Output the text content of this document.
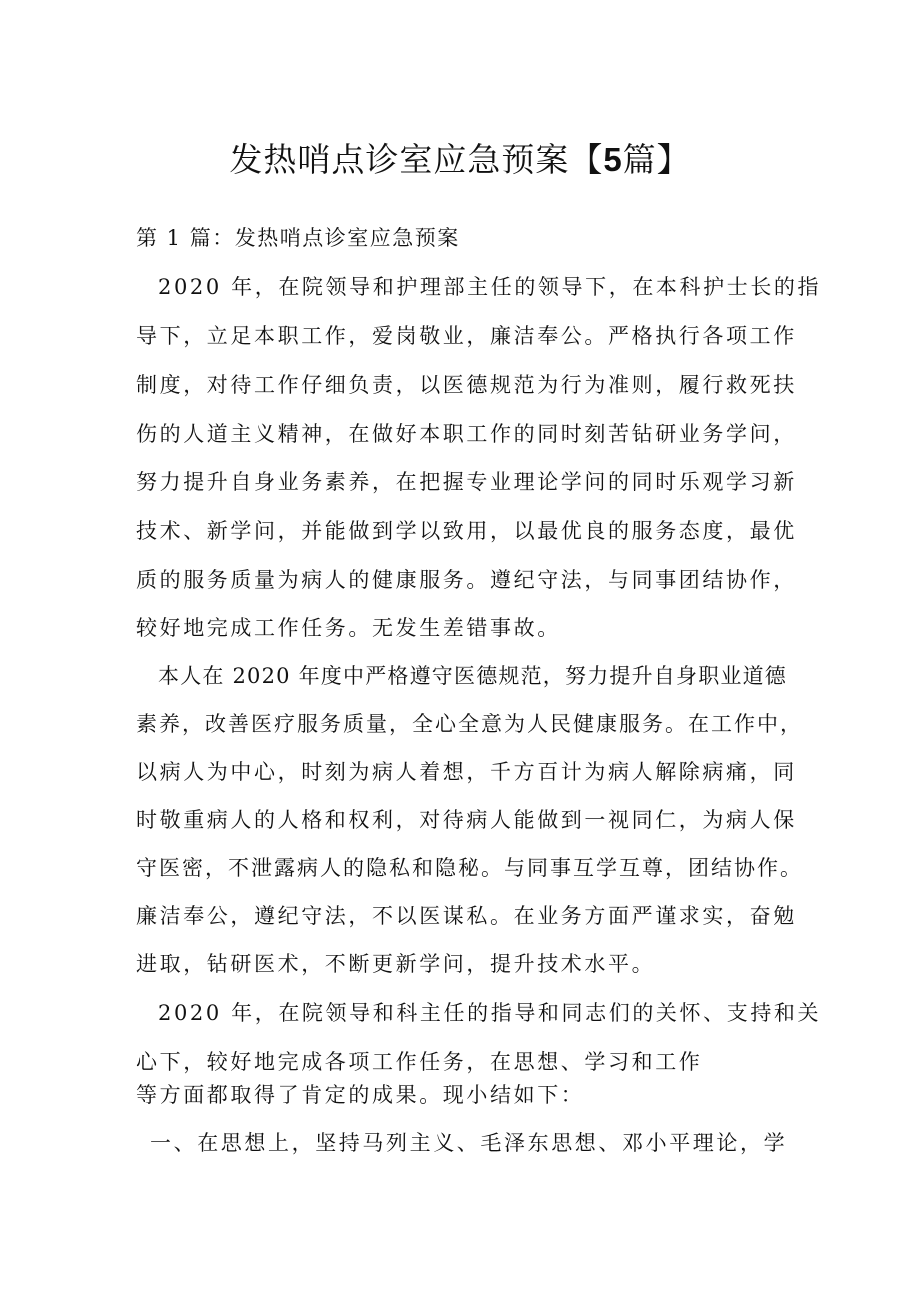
发热哨点诊室应急预案【5篇】
第 1 篇：发热哨点诊室应急预案
2020 年，在院领导和护理部主任的领导下，在本科护士长的指
导下，立足本职工作，爱岗敬业，廉洁奉公。严格执行各项工作
制度，对待工作仔细负责，以医德规范为行为准则，履行救死扶
伤的人道主义精神，在做好本职工作的同时刻苦钻研业务学问，
努力提升自身业务素养，在把握专业理论学问的同时乐观学习新
技术、新学问，并能做到学以致用，以最优良的服务态度，最优
质的服务质量为病人的健康服务。遵纪守法，与同事团结协作，
较好地完成工作任务。无发生差错事故。
本人在 2020 年度中严格遵守医德规范，努力提升自身职业道德
素养，改善医疗服务质量，全心全意为人民健康服务。在工作中，
以病人为中心，时刻为病人着想，千方百计为病人解除病痛，同
时敬重病人的人格和权利，对待病人能做到一视同仁，为病人保
守医密，不泄露病人的隐私和隐秘。与同事互学互尊，团结协作。
廉洁奉公，遵纪守法，不以医谋私。在业务方面严谨求实，奋勉
进取，钻研医术，不断更新学问，提升技术水平。
2020 年，在院领导和科主任的指导和同志们的关怀、支持和关
心下，较好地完成各项工作任务，在思想、学习和工作
等方面都取得了肯定的成果。现小结如下：
一、在思想上，坚持马列主义、毛泽东思想、邓小平理论，学
